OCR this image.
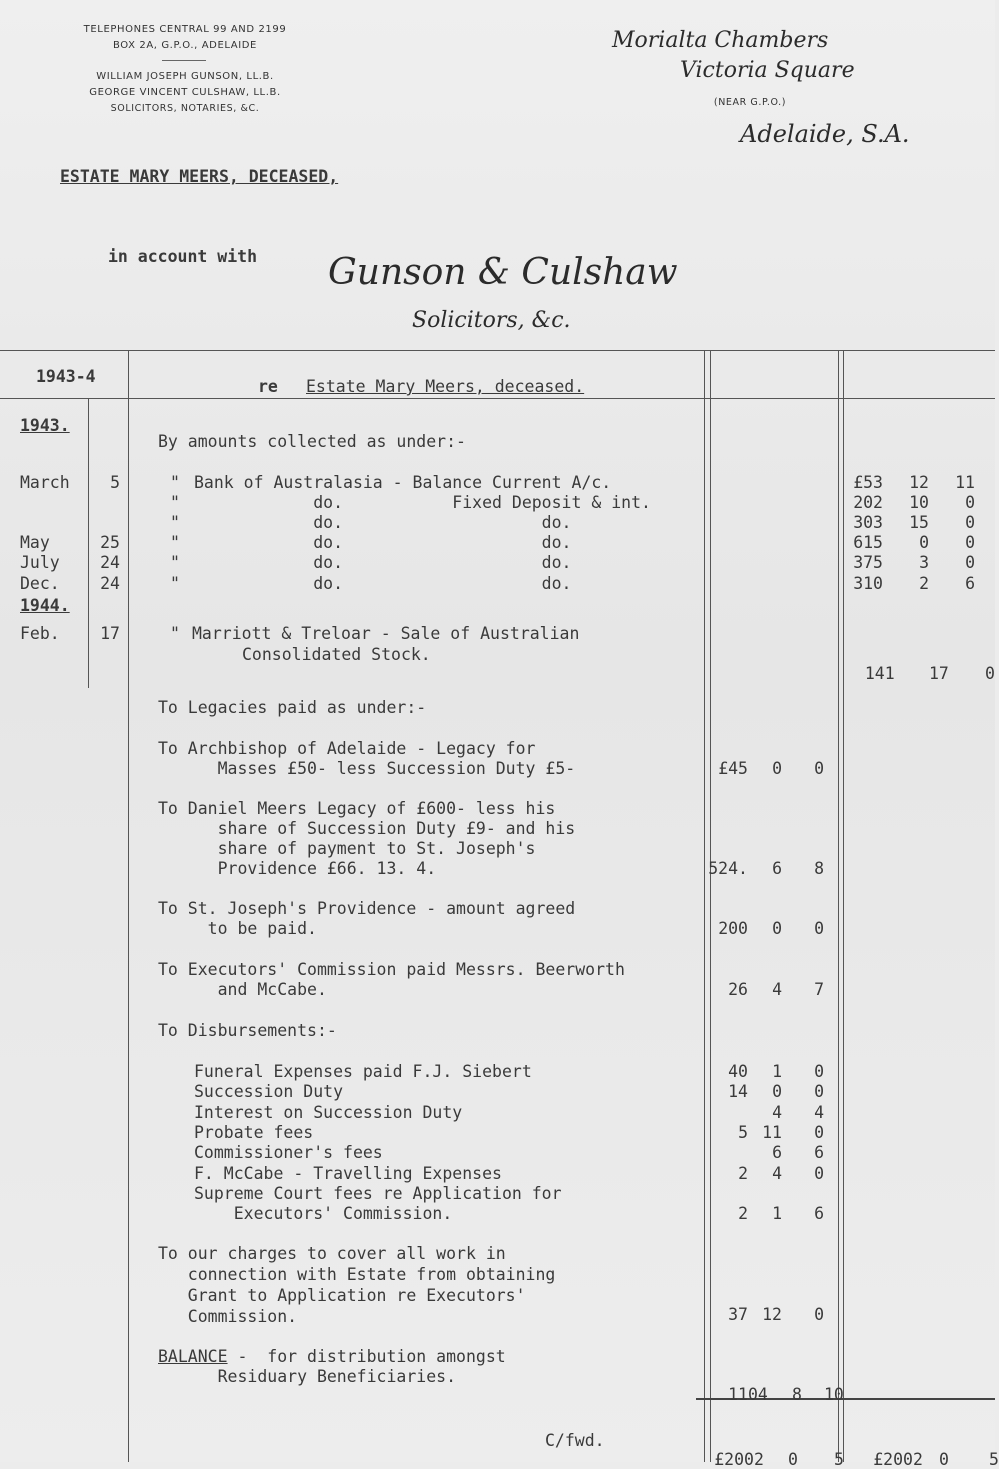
TELEPHONES CENTRAL 99 AND 2199
BOX 2A, G.P.O., ADELAIDE
WILLIAM JOSEPH GUNSON, LL.B.
GEORGE VINCENT CULSHAW, LL.B.
SOLICITORS, NOTARIES, &C.
Morialta Chambers
Victoria Square
(NEAR G.P.O.)
Adelaide, S.A.
ESTATE MARY MEERS, DECEASED,
in account with Gunson & Culshaw
Solicitors, &c.
1943-4
re Estate Mary Meers, deceased.
1943.
By amounts collected as under:-
March	5	" Bank of Australasia - Balance Current A/c.	£53 12 11
" do.           Fixed Deposit & int.	202 10 0
" do.                    do.	303 15 0
May	25	" do.                    do.	615 0 0
July	24	" do.                    do.	375 3 0
Dec.	24	" do.                    do.	310 2 6
1944.
Feb.	17	" Marriott & Treloar - Sale of Australian
Consolidated Stock.

141 17 0

To Legacies paid as under:-
To Archbishop of Adelaide - Legacy for
Masses £50- less Succession Duty £5-	£45 0 0
To Daniel Meers Legacy of £600- less his
share of Succession Duty £9- and his
share of payment to St. Joseph's
Providence £66. 13. 4.	524. 6 8
To St. Joseph's Providence - amount agreed
to be paid.	200 0 0
To Executors' Commission paid Messrs. Beerworth
and McCabe.	26 4 7
To Disbursements:-
Funeral Expenses paid F.J. Siebert	40 1 0
Succession Duty	14 0 0
Interest on Succession Duty	4 4
Probate fees	5 11 0
Commissioner's fees	6 6
F. McCabe - Travelling Expenses	2 4 0
Supreme Court fees re Application for
Executors' Commission.	2 1 6
To our charges to cover all work in
connection with Estate from obtaining
Grant to Application re Executors'
Commission.	37 12 0
BALANCE -  for distribution amongst
Residuary Beneficiaries.

1104 8 10

C/fwd.

£2002 0 5	£2002 0 5
